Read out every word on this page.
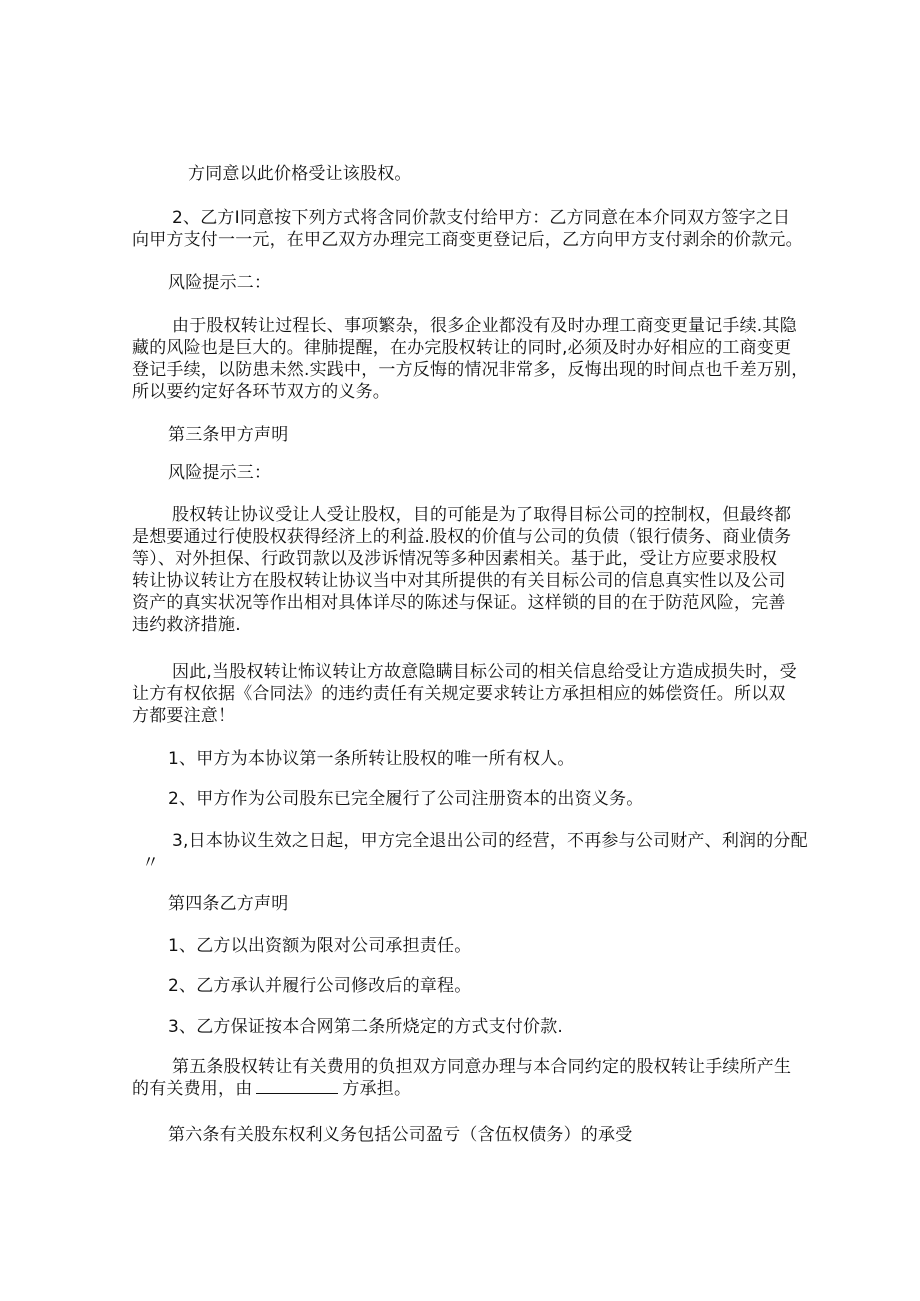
方同意以此价格受让该股权。
2、乙方I同意按下列方式将含同价款支付给甲方：乙方同意在本介同双方签字之日
向甲方支付一一元，在甲乙双方办理完工商变更登记后，乙方向甲方支付剥余的价款元。
风险提示二：
由于股权转让过程长、事项繁杂，很多企业都没有及时办理工商变更量记手续.其隐
藏的风险也是巨大的。律肺提醒，在办完股权转让的同时,必须及时办好相应的工商变更
登记手续，以防患未然.实践中，一方反悔的情况非常多，反悔出现的时间点也千差万别，
所以要约定好各环节双方的义务。
第三条甲方声明
风险提示三：
股权转让协议受让人受让股权，目的可能是为了取得目标公司的控制权，但最终都
是想要通过行使股权获得经济上的利益.股权的价值与公司的负债（银行债务、商业债务
等）、对外担保、行政罚款以及涉诉情况等多种因素相关。基于此，受让方应要求股权
转让协议转让方在股权转让协议当中对其所提供的有关目标公司的信息真实性以及公司
资产的真实状况等作出相对具体详尽的陈述与保证。这样锁的目的在于防范风险，完善
违约救济措施.
因此,当股权转让怖议转让方故意隐瞒目标公司的相关信息给受让方造成损失时，受
让方有权依据《合同法》的违约责任有关规定要求转让方承担相应的姊偿资任。所以双
方都要注意！
1、甲方为本协议第一条所转让股权的唯一所有权人。
2、甲方作为公司股东已完全履行了公司注册资本的出资义务。
3,日本协议生效之日起，甲方完全退出公司的经营，不再参与公司财产、利润的分配
〃
第四条乙方声明
1、乙方以出资额为限对公司承担责任。
2、乙方承认并履行公司修改后的章程。
3、乙方保证按本合网第二条所烧定的方式支付价款.
第五条股权转让有关费用的负担双方同意办理与本合同约定的股权转让手续所产生
的有关费用，由	方承担。
第六条有关股东权利义务包括公司盈亏（含伍权债务）的承受
